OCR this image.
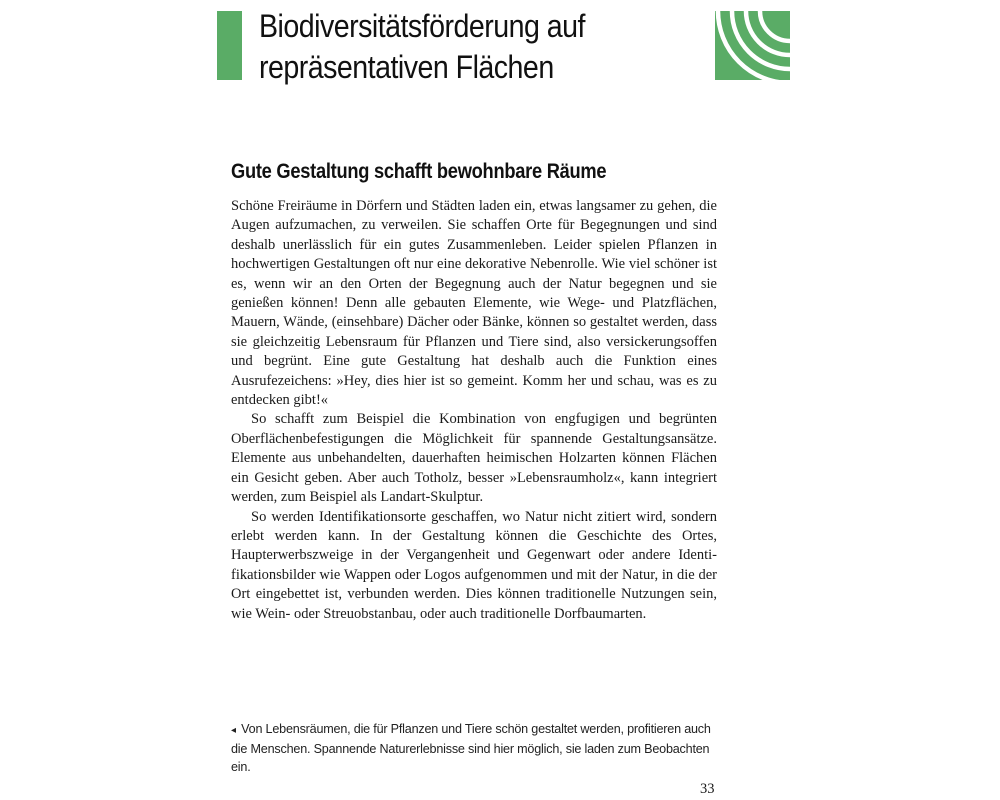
Biodiversitätsförderung auf
repräsentativen Flächen
Gute Gestaltung schafft bewohnbare Räume

Schöne Freiräume in Dörfern und Städten laden ein, etwas langsamer zu gehen, die Augen aufzumachen, zu verweilen. Sie schaffen Orte für Begegnungen und sind deshalb unerlässlich für ein gutes Zusammenleben. Leider spielen Pflanzen in hochwertigen Gestaltungen oft nur eine dekorative Nebenrolle. Wie viel schöner ist es, wenn wir an den Orten der Begegnung auch der Natur begegnen und sie genießen können! Denn alle gebauten Elemente, wie Wege- und Platzflächen, Mauern, Wände, (einsehbare) Dächer oder Bänke, können so gestaltet werden, dass sie gleichzeitig Lebensraum für Pflanzen und Tiere sind, also versickerungsoffen und begrünt. Eine gute Gestaltung hat deshalb auch die Funktion eines Ausrufezeichens: »Hey, dies hier ist so gemeint. Komm her und schau, was es zu entdecken gibt!«

So schafft zum Beispiel die Kombination von engfugigen und begrünten Oberflächenbefestigungen die Möglichkeit für spannende Gestaltungsansätze. Elemente aus unbehandelten, dauerhaften heimischen Holzarten können Flächen ein Gesicht geben. Aber auch Totholz, besser »Lebensraumholz«, kann integriert werden, zum Beispiel als Landart-Skulptur.

So werden Identifikationsorte geschaffen, wo Natur nicht zitiert wird, sondern erlebt werden kann. In der Gestaltung können die Geschichte des Ortes, Haupterwerbszweige in der Vergangenheit und Gegenwart oder andere Identifikationsbilder wie Wappen oder Logos aufgenommen und mit der Natur, in die der Ort eingebettet ist, verbunden werden. Dies können traditionelle Nutzungen sein, wie Wein- oder Streuobstanbau, oder auch traditionelle Dorfbaumarten.

◂ Von Lebensräumen, die für Pflanzen und Tiere schön gestaltet werden, profitieren auch die Menschen. Spannende Naturerlebnisse sind hier möglich, sie laden zum Beobachten ein.
33
